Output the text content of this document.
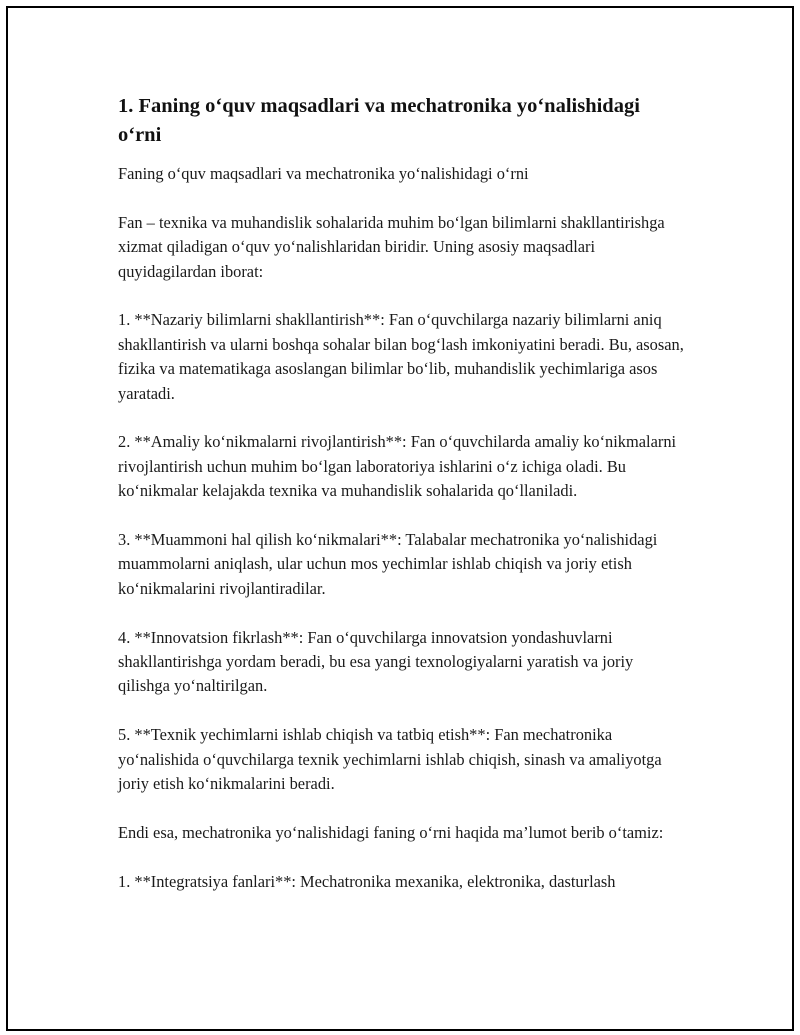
1. Faning o‘quv maqsadlari va mechatronika yo‘nalishidagi o‘rni

Faning o‘quv maqsadlari va mechatronika yo‘nalishidagi o‘rni

Fan – texnika va muhandislik sohalarida muhim bo‘lgan bilimlarni shakllantirishga xizmat qiladigan o‘quv yo‘nalishlaridan biridir. Uning asosiy maqsadlari quyidagilardan iborat:

1. **Nazariy bilimlarni shakllantirish**: Fan o‘quvchilarga nazariy bilimlarni aniq shakllantirish va ularni boshqa sohalar bilan bog‘lash imkoniyatini beradi. Bu, asosan, fizika va matematikaga asoslangan bilimlar bo‘lib, muhandislik yechimlariga asos yaratadi.

2. **Amaliy ko‘nikmalarni rivojlantirish**: Fan o‘quvchilarda amaliy ko‘nikmalarni rivojlantirish uchun muhim bo‘lgan laboratoriya ishlarini o‘z ichiga oladi. Bu ko‘nikmalar kelajakda texnika va muhandislik sohalarida qo‘llaniladi.

3. **Muammoni hal qilish ko‘nikmalari**: Talabalar mechatronika yo‘nalishidagi muammolarni aniqlash, ular uchun mos yechimlar ishlab chiqish va joriy etish ko‘nikmalarini rivojlantiradilar.

4. **Innovatsion fikrlash**: Fan o‘quvchilarga innovatsion yondashuvlarni shakllantirishga yordam beradi, bu esa yangi texnologiyalarni yaratish va joriy qilishga yo‘naltirilgan.

5. **Texnik yechimlarni ishlab chiqish va tatbiq etish**: Fan mechatronika yo‘nalishida o‘quvchilarga texnik yechimlarni ishlab chiqish, sinash va amaliyotga joriy etish ko‘nikmalarini beradi.

Endi esa, mechatronika yo‘nalishidagi faning o‘rni haqida ma’lumot berib o‘tamiz:

1. **Integratsiya fanlari**: Mechatronika mexanika, elektronika, dasturlash
